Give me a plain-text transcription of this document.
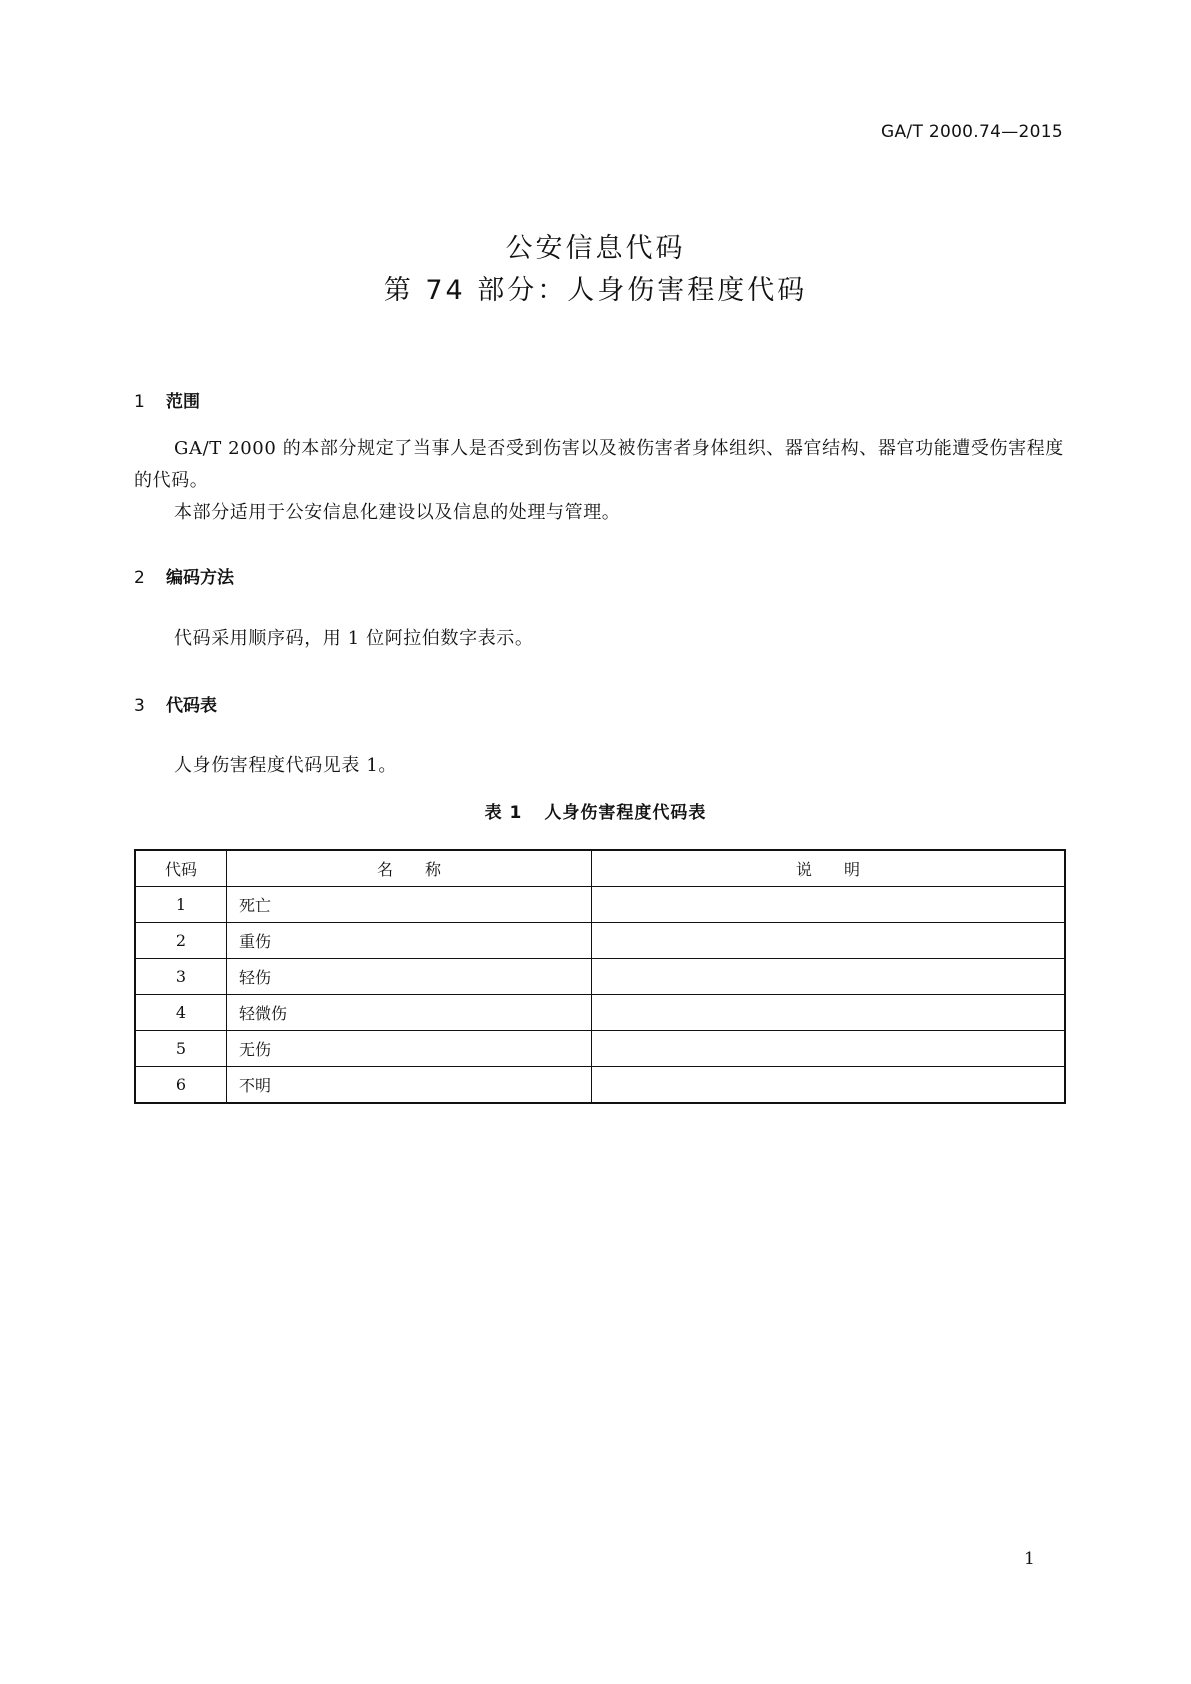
GA/T 2000.74—2015
公安信息代码
第 74 部分：人身伤害程度代码
1 范围
GA/T 2000 的本部分规定了当事人是否受到伤害以及被伤害者身体组织、器官结构、器官功能遭受伤害程度的代码。
本部分适用于公安信息化建设以及信息的处理与管理。
2 编码方法
代码采用顺序码，用 1 位阿拉伯数字表示。
3 代码表
人身伤害程度代码见表 1。
表 1 人身伤害程度代码表
代码	名　　称	说　　明
1	死亡	
2	重伤	
3	轻伤	
4	轻微伤	
5	无伤	
6	不明	
1
